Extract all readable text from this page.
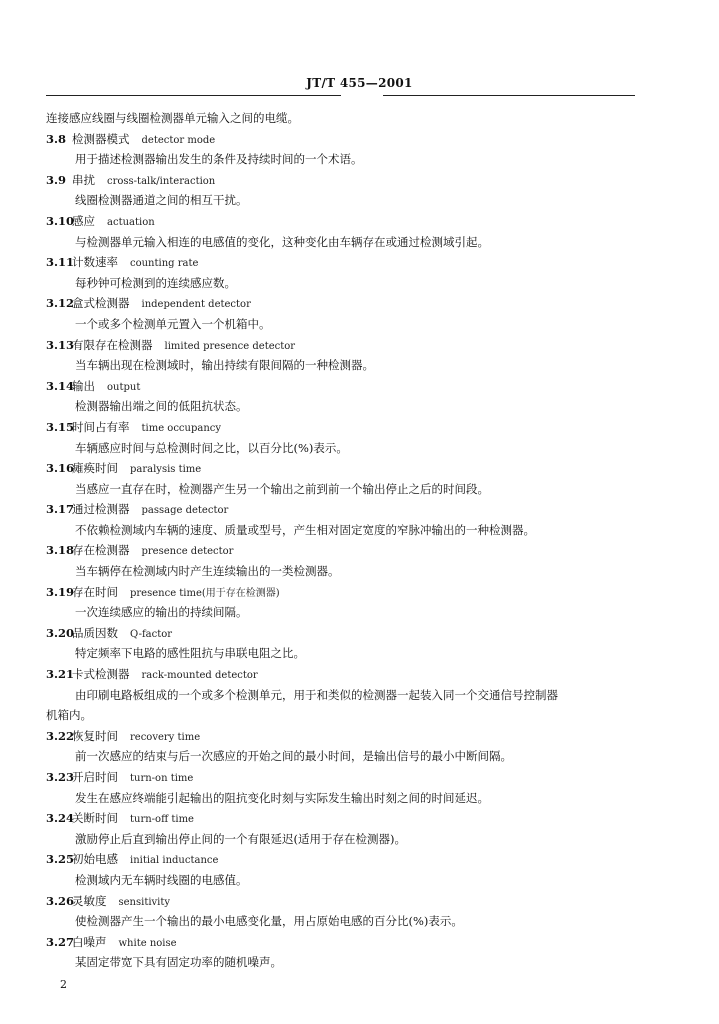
JT/T 455—2001
连接感应线圈与线圈检测器单元输入之间的电缆。
3.8 检测器模式 detector mode
用于描述检测器输出发生的条件及持续时间的一个术语。
3.9 串扰 cross-talk/interaction
线圈检测器通道之间的相互干扰。
3.10感应 actuation
与检测器单元输入相连的电感值的变化，这种变化由车辆存在或通过检测域引起。
3.11计数速率 counting rate
每秒钟可检测到的连续感应数。
3.12盒式检测器 independent detector
一个或多个检测单元置入一个机箱中。
3.13有限存在检测器 limited presence detector
当车辆出现在检测域时，输出持续有限间隔的一种检测器。
3.14输出 output
检测器输出端之间的低阻抗状态。
3.15时间占有率 time occupancy
车辆感应时间与总检测时间之比，以百分比(%)表示。
3.16瘫痪时间 paralysis time
当感应一直存在时，检测器产生另一个输出之前到前一个输出停止之后的时间段。
3.17通过检测器 passage detector
不依赖检测域内车辆的速度、质量或型号，产生相对固定宽度的窄脉冲输出的一种检测器。
3.18存在检测器 presence detector
当车辆停在检测域内时产生连续输出的一类检测器。
3.19存在时间 presence time(用于存在检测器)
一次连续感应的输出的持续间隔。
3.20品质因数 Q-factor
特定频率下电路的感性阻抗与串联电阻之比。
3.21卡式检测器 rack-mounted detector
由印刷电路板组成的一个或多个检测单元，用于和类似的检测器一起装入同一个交通信号控制器
机箱内。
3.22恢复时间 recovery time
前一次感应的结束与后一次感应的开始之间的最小时间，是输出信号的最小中断间隔。
3.23开启时间 turn-on time
发生在感应终端能引起输出的阻抗变化时刻与实际发生输出时刻之间的时间延迟。
3.24关断时间 turn-off time
激励停止后直到输出停止间的一个有限延迟(适用于存在检测器)。
3.25初始电感 initial inductance
检测域内无车辆时线圈的电感值。
3.26灵敏度 sensitivity
使检测器产生一个输出的最小电感变化量，用占原始电感的百分比(%)表示。
3.27白噪声 white noise
某固定带宽下具有固定功率的随机噪声。
2
